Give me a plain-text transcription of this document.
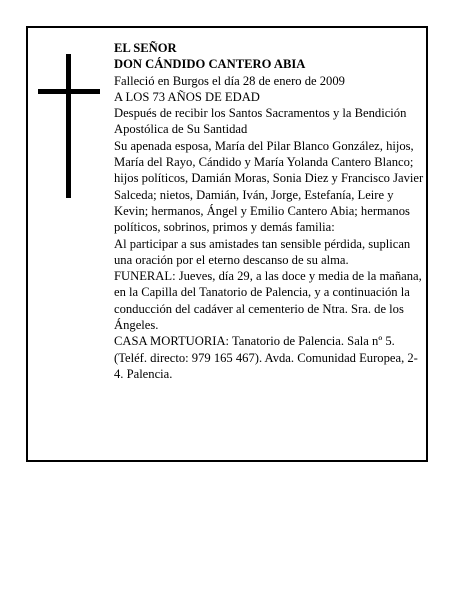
EL SEÑOR
DON CÁNDIDO CANTERO ABIA
Falleció en Burgos el día 28 de enero de 2009
A LOS 73 AÑOS DE EDAD
Después de recibir los Santos Sacramentos y la Bendición Apostólica de Su Santidad
Su apenada esposa, María del Pilar Blanco González, hijos, María del Rayo, Cándido y María Yolanda Cantero Blanco; hijos políticos, Damián Moras, Sonia Diez y Francisco Javier Salceda; nietos, Damián, Iván, Jorge, Estefanía, Leire y Kevin; hermanos, Ángel y Emilio Cantero Abia; hermanos políticos, sobrinos, primos y demás familia:
Al participar a sus amistades tan sensible pérdida, suplican una oración por el eterno descanso de su alma.
FUNERAL: Jueves, día 29, a las doce y media de la mañana, en la Capilla del Tanatorio de Palencia, y a continuación la conducción del cadáver al cementerio de Ntra. Sra. de los Ángeles.
CASA MORTUORIA: Tanatorio de Palencia. Sala nº 5. (Teléf. directo: 979 165 467). Avda. Comunidad Europea, 2-4. Palencia.
